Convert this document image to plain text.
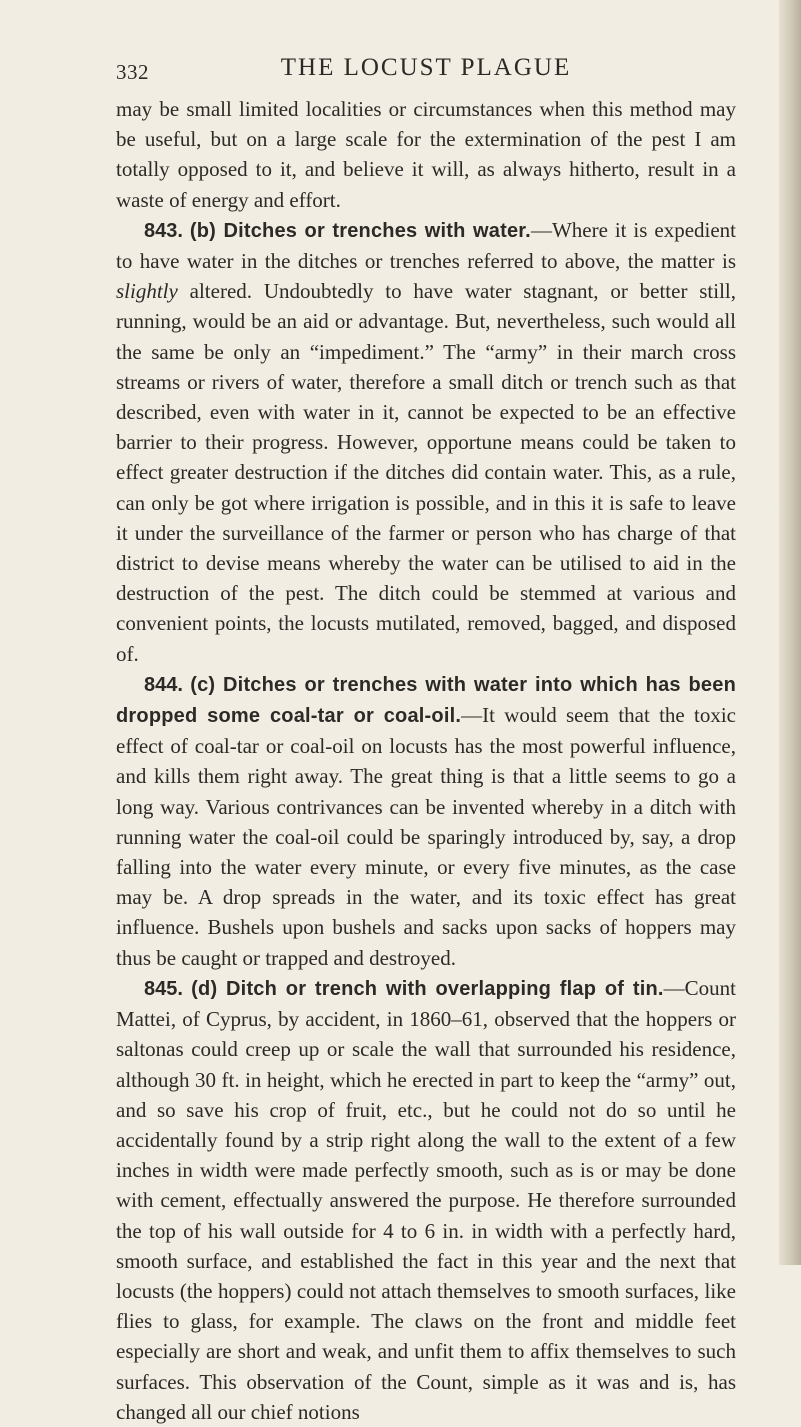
332	THE LOCUST PLAGUE

may be small limited localities or circumstances when this method may be useful, but on a large scale for the extermination of the pest I am totally opposed to it, and believe it will, as always hitherto, result in a waste of energy and effort.

843. (b) Ditches or trenches with water.—Where it is expedient to have water in the ditches or trenches referred to above, the matter is slightly altered. Undoubtedly to have water stagnant, or better still, running, would be an aid or advantage. But, nevertheless, such would all the same be only an “impediment.” The “army” in their march cross streams or rivers of water, therefore a small ditch or trench such as that described, even with water in it, cannot be expected to be an effective barrier to their progress. However, opportune means could be taken to effect greater destruction if the ditches did contain water. This, as a rule, can only be got where irrigation is possible, and in this it is safe to leave it under the surveillance of the farmer or person who has charge of that district to devise means whereby the water can be utilised to aid in the destruction of the pest. The ditch could be stemmed at various and convenient points, the locusts mutilated, removed, bagged, and disposed of.

844. (c) Ditches or trenches with water into which has been dropped some coal-tar or coal-oil.—It would seem that the toxic effect of coal-tar or coal-oil on locusts has the most powerful influence, and kills them right away. The great thing is that a little seems to go a long way. Various contrivances can be invented whereby in a ditch with running water the coal-oil could be sparingly introduced by, say, a drop falling into the water every minute, or every five minutes, as the case may be. A drop spreads in the water, and its toxic effect has great influence. Bushels upon bushels and sacks upon sacks of hoppers may thus be caught or trapped and destroyed.

845. (d) Ditch or trench with overlapping flap of tin.—Count Mattei, of Cyprus, by accident, in 1860–61, observed that the hoppers or saltonas could creep up or scale the wall that surrounded his residence, although 30 ft. in height, which he erected in part to keep the “army” out, and so save his crop of fruit, etc., but he could not do so until he accidentally found by a strip right along the wall to the extent of a few inches in width were made perfectly smooth, such as is or may be done with cement, effectually answered the purpose. He therefore surrounded the top of his wall outside for 4 to 6 in. in width with a perfectly hard, smooth surface, and established the fact in this year and the next that locusts (the hoppers) could not attach themselves to smooth surfaces, like flies to glass, for example. The claws on the front and middle feet especially are short and weak, and unfit them to affix themselves to such surfaces. This observation of the Count, simple as it was and is, has changed all our chief notions
